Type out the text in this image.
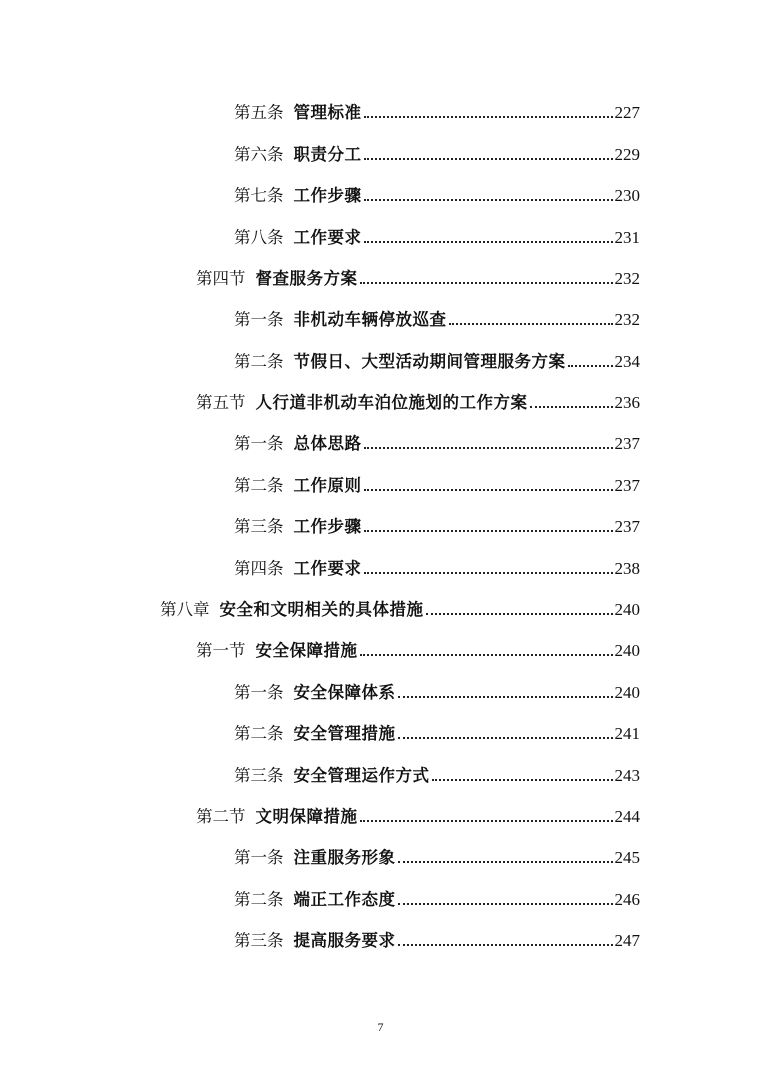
第五条 管理标准	227
第六条 职责分工	229
第七条 工作步骤	230
第八条 工作要求	231
第四节 督查服务方案	232
第一条 非机动车辆停放巡查	232
第二条 节假日、大型活动期间管理服务方案	234
第五节 人行道非机动车泊位施划的工作方案	236
第一条 总体思路	237
第二条 工作原则	237
第三条 工作步骤	237
第四条 工作要求	238
第八章 安全和文明相关的具体措施	240
第一节 安全保障措施	240
第一条 安全保障体系	240
第二条 安全管理措施	241
第三条 安全管理运作方式	243
第二节 文明保障措施	244
第一条 注重服务形象	245
第二条 端正工作态度	246
第三条 提高服务要求	247
7
